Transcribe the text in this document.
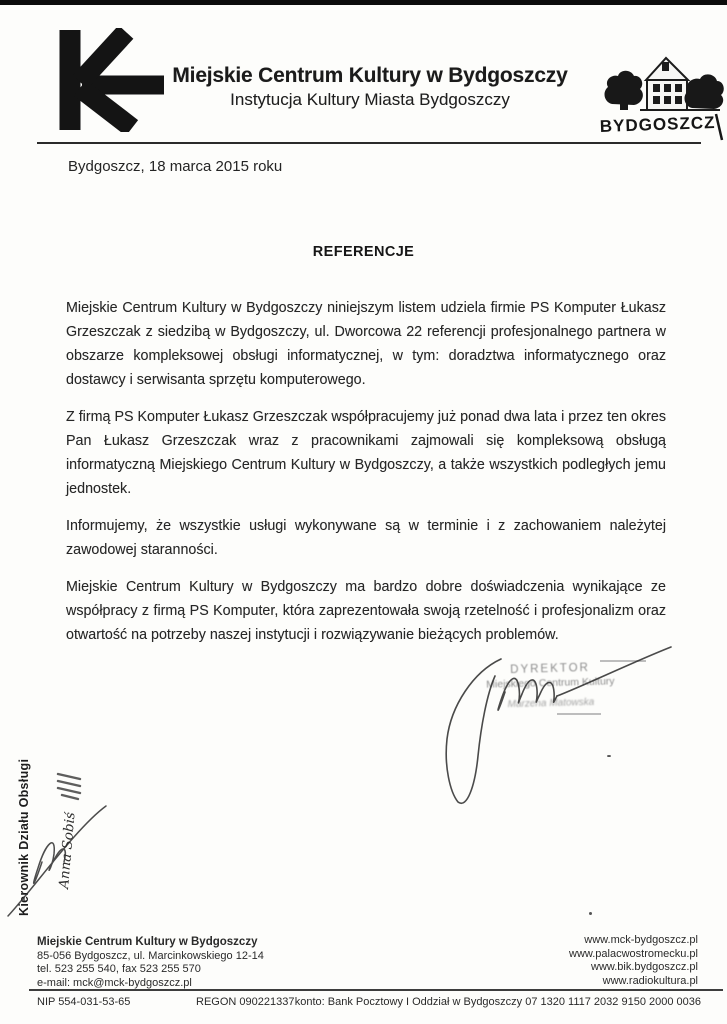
Miejskie Centrum Kultury w Bydgoszczy
Instytucja Kultury Miasta Bydgoszczy
BYDGOSZCZ
Bydgoszcz, 18 marca 2015 roku
REFERENCJE

Miejskie Centrum Kultury w Bydgoszczy niniejszym listem udziela firmie PS Komputer Łukasz Grzeszczak z siedzibą w Bydgoszczy, ul. Dworcowa 22 referencji profesjonalnego partnera w obszarze kompleksowej obsługi informatycznej, w tym: doradztwa informatycznego oraz dostawcy i serwisanta sprzętu komputerowego.

Z firmą PS Komputer Łukasz Grzeszczak współpracujemy już ponad dwa lata i przez ten okres Pan Łukasz Grzeszczak wraz z pracownikami zajmowali się kompleksową obsługą informatyczną Miejskiego Centrum Kultury w Bydgoszczy, a także wszystkich podległych jemu jednostek.

Informujemy, że wszystkie usługi wykonywane są w terminie i z zachowaniem należytej zawodowej staranności.

Miejskie Centrum Kultury w Bydgoszczy ma bardzo dobre doświadczenia wynikające ze współpracy z firmą PS Komputer, która zaprezentowała swoją rzetelność i profesjonalizm oraz otwartość na potrzeby naszej instytucji i rozwiązywanie bieżących problemów.

DYREKTOR
Miejskiego Centrum Kultury
Marzena Matowska
Kierownik Działu Obsługi Anna Sobiś
Miejskie Centrum Kultury w Bydgoszczy
85-056 Bydgoszcz, ul. Marcinkowskiego 12-14
tel. 523 255 540, fax 523 255 570
e-mail: mck@mck-bydgoszcz.pl
www.mck-bydgoszcz.pl
www.palacwostromecku.pl
www.bik.bydgoszcz.pl
www.radiokultura.pl
NIP 554-031-53-65	REGON 090221337 konto: Bank Pocztowy I Oddział w Bydgoszczy 07 1320 1117 2032 9150 2000 0036
